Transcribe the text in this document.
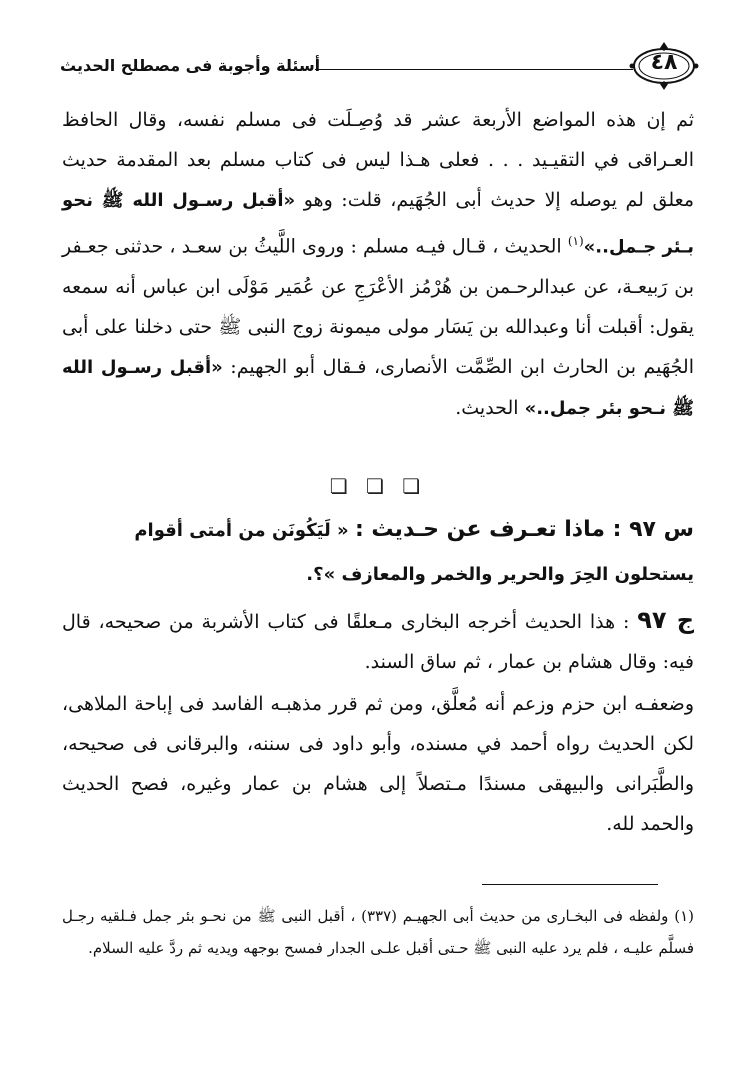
٤٨
أسئلة وأجوبة فى مصطلح الحديث
ثم إن هذه المواضع الأربعة عشر قد وُصِـلَت فى مسلم نفسه، وقال الحافظ العـراقى في التقيـيد . . . فعلى هـذا ليس فى كتاب مسلم بعد المقدمة حديث معلق لم يوصله إلا حديث أبى الجُهَيم، قلت: وهو «أقبل رسـول الله ﷺ نحو بـئر جـمل..»$^{(١)}$ الحديث ، قـال فيـه مسلم : وروى اللَّيثُ بن سعـد ، حدثنى جعـفر بن رَبيعـة، عن عبدالرحـمن بن هُرْمُز الأعْرَجِ عن عُمَير مَوْلَى ابن عباس أنه سمعه يقول: أقبلت أنا وعبدالله بن يَسَار مولى ميمونة زوج النبى ﷺ حتى دخلنا على أبى الجُهَيم بن الحارث ابن الصِّمَّت الأنصارى، فـقال أبو الجهيم: «أقبل رسـول الله ﷺ نـحو بئر جمل..» الحديث.
❏ ❏ ❏
س ٩٧ : ماذا تعـرف عن حـديث : « لَيَكُونَن من أمتى أقوام يستحلون الحِرَ والحرير والخمر والمعازف »؟.
ج ٩٧ : هذا الحديث أخرجه البخارى مـعلقًا فى كتاب الأشربة من صحيحه، قال فيه: وقال هشام بن عمار ، ثم ساق السند.
وضعفـه ابن حزم وزعم أنه مُعلَّق، ومن ثم قرر مذهبـه الفاسد فى إباحة الملاهى، لكن الحديث رواه أحمد في مسنده، وأبو داود فى سننه، والبرقانى فى صحيحه، والطَّبَرانى والبيهقى مسندًا مـتصلاً إلى هشام بن عمار وغيره، فصح الحديث والحمد لله.
(١) ولفظه فى البخـارى من حديث أبى الجهيـم (٣٣٧) ، أقبل النبى ﷺ من نحـو بئر جمل فـلقيه رجـل فسلَّم عليـه ، فلم يرد عليه النبى ﷺ حـتى أقبل علـى الجدار فمسح بوجهه ويديه ثم ردَّ عليه السلام.
